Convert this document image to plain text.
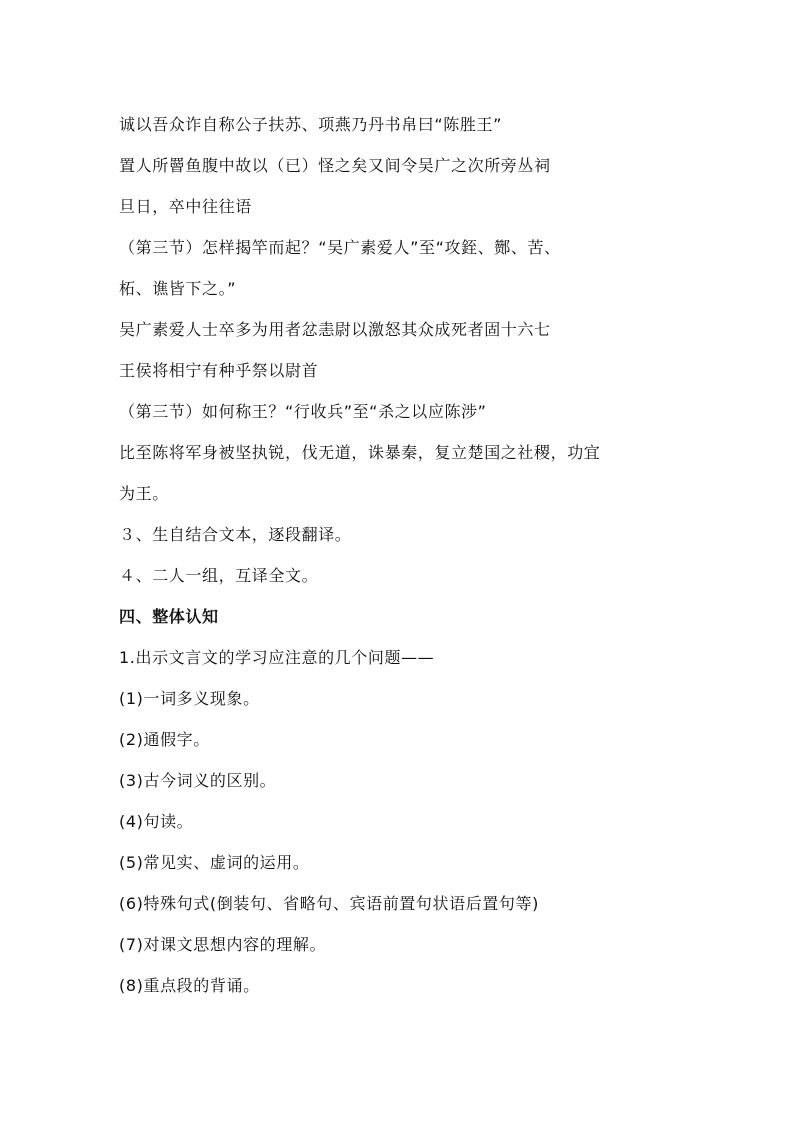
诚以吾众诈自称公子扶苏、项燕乃丹书帛曰“陈胜王”
置人所罾鱼腹中故以（已）怪之矣又间令吴广之次所旁丛祠
旦日，卒中往往语
（第三节）怎样揭竿而起？“吴广素爱人”至“攻銍、酂、苦、
柘、谯皆下之。”
吴广素爱人士卒多为用者忿恚尉以激怒其众成死者固十六七
王侯将相宁有种乎祭以尉首
（第三节）如何称王？“行收兵”至“杀之以应陈涉”
比至陈将军身被坚执锐，伐无道，诛暴秦，复立楚国之社稷，功宜
为王。
３、生自结合文本，逐段翻译。
４、二人一组，互译全文。
四、整体认知
1.出示文言文的学习应注意的几个问题——
(1)一词多义现象。
(2)通假字。
(3)古今词义的区别。
(4)句读。
(5)常见实、虚词的运用。
(6)特殊句式(倒装句、省略句、宾语前置句状语后置句等)
(7)对课文思想内容的理解。
(8)重点段的背诵。
